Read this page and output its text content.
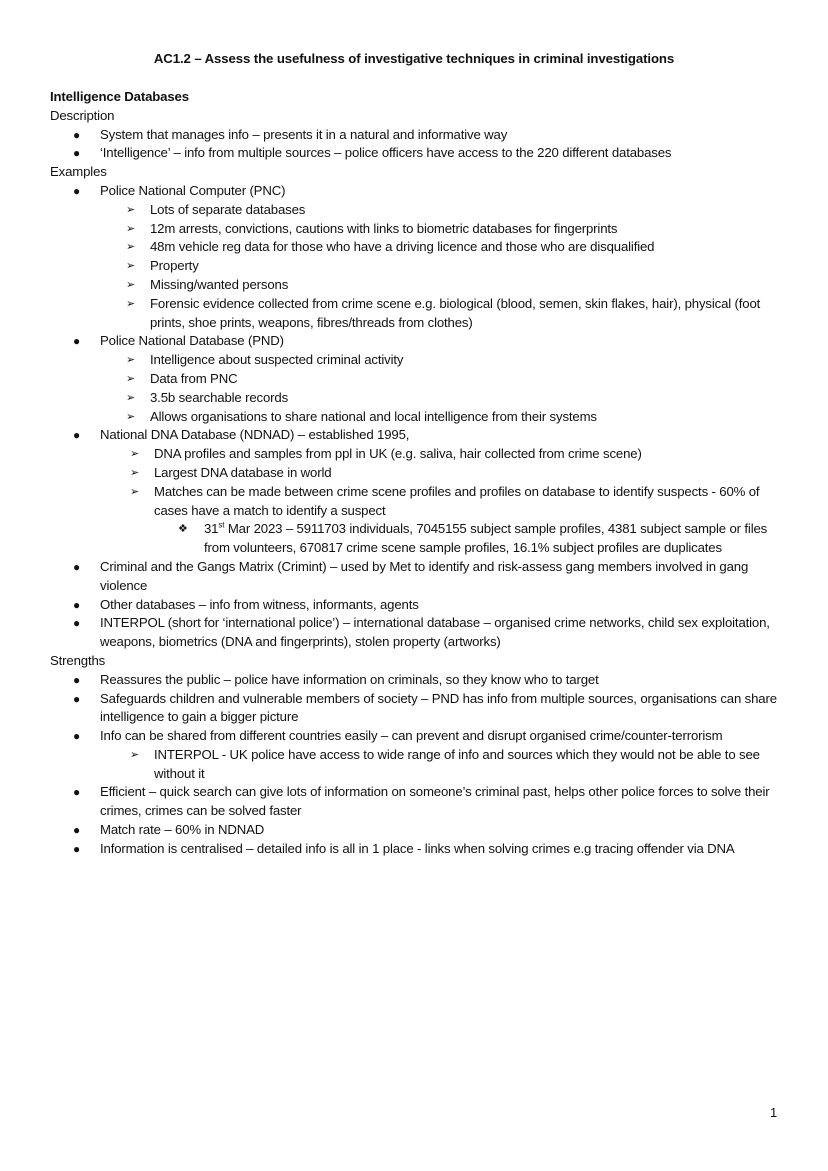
AC1.2 – Assess the usefulness of investigative techniques in criminal investigations
Intelligence Databases
Description
● System that manages info – presents it in a natural and informative way
● ‘Intelligence’ – info from multiple sources – police officers have access to the 220 different databases
Examples
● Police National Computer (PNC)
➢ Lots of separate databases
➢ 12m arrests, convictions, cautions with links to biometric databases for fingerprints
➢ 48m vehicle reg data for those who have a driving licence and those who are disqualified
➢ Property
➢ Missing/wanted persons
➢ Forensic evidence collected from crime scene e.g. biological (blood, semen, skin flakes, hair), physical (foot prints, shoe prints, weapons, fibres/threads from clothes)
● Police National Database (PND)
➢ Intelligence about suspected criminal activity
➢ Data from PNC
➢ 3.5b searchable records
➢ Allows organisations to share national and local intelligence from their systems
● National DNA Database (NDNAD) – established 1995,
➢ DNA profiles and samples from ppl in UK (e.g. saliva, hair collected from crime scene)
➢ Largest DNA database in world
➢ Matches can be made between crime scene profiles and profiles on database to identify suspects - 60% of cases have a match to identify a suspect
❖ 31st Mar 2023 – 5911703 individuals, 7045155 subject sample profiles, 4381 subject sample or files from volunteers, 670817 crime scene sample profiles, 16.1% subject profiles are duplicates
● Criminal and the Gangs Matrix (Crimint) – used by Met to identify and risk-assess gang members involved in gang violence
● Other databases – info from witness, informants, agents
● INTERPOL (short for ‘international police’) – international database – organised crime networks, child sex exploitation, weapons, biometrics (DNA and fingerprints), stolen property (artworks)
Strengths
● Reassures the public – police have information on criminals, so they know who to target
● Safeguards children and vulnerable members of society – PND has info from multiple sources, organisations can share intelligence to gain a bigger picture
● Info can be shared from different countries easily – can prevent and disrupt organised crime/counter-terrorism
➢ INTERPOL - UK police have access to wide range of info and sources which they would not be able to see without it
● Efficient – quick search can give lots of information on someone’s criminal past, helps other police forces to solve their crimes, crimes can be solved faster
● Match rate – 60% in NDNAD
● Information is centralised – detailed info is all in 1 place - links when solving crimes e.g tracing offender via DNA
1
